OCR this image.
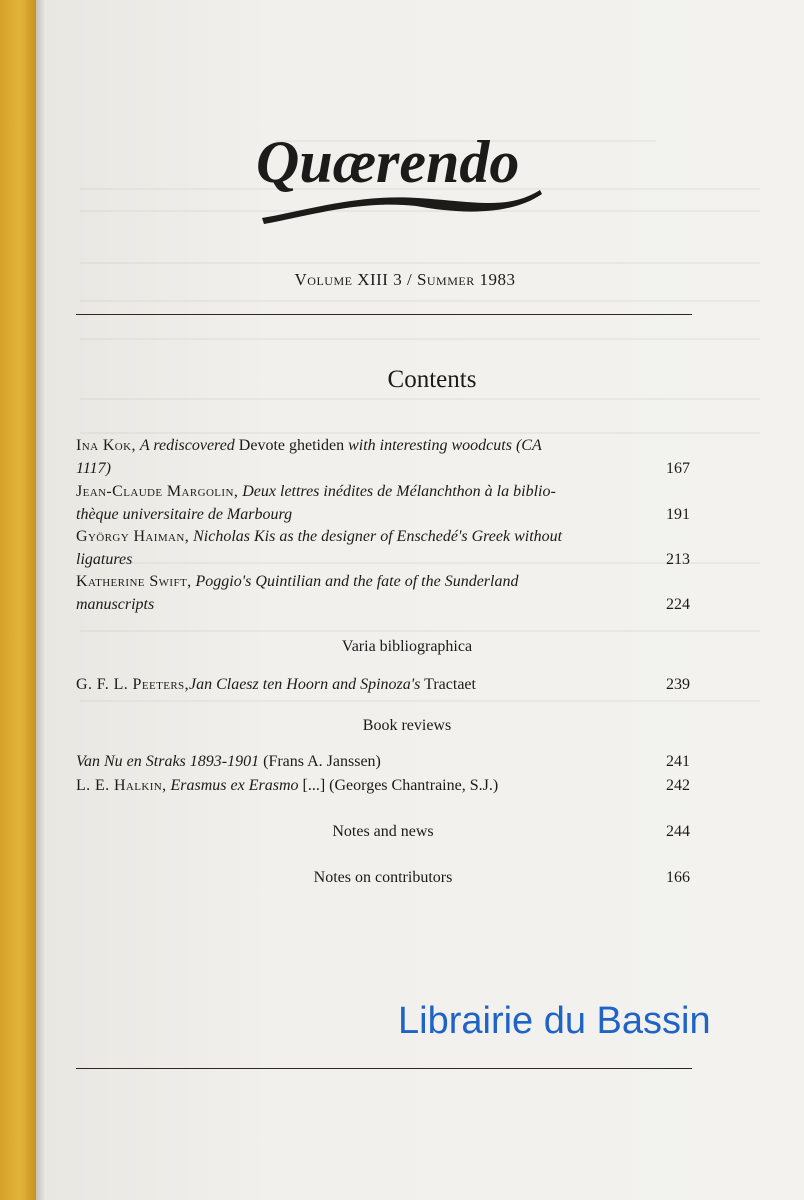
Quærendo
Volume XIII 3 / Summer 1983
Contents
Ina Kok, A rediscovered Devote ghetiden with interesting woodcuts (CA
1117)	167
Jean-Claude Margolin, Deux lettres inédites de Mélanchthon à la biblio-
thèque universitaire de Marbourg	191
György Haiman, Nicholas Kis as the designer of Enschedé's Greek without
ligatures	213
Katherine Swift, Poggio's Quintilian and the fate of the Sunderland
manuscripts	224
Varia bibliographica
G. F. L. Peeters,Jan Claesz ten Hoorn and Spinoza's Tractaet	239
Book reviews
Van Nu en Straks 1893-1901 (Frans A. Janssen)	241
L. E. Halkin, Erasmus ex Erasmo [...] (Georges Chantraine, S.J.)	242
Notes and news	244
Notes on contributors	166
Librairie du Bassin
